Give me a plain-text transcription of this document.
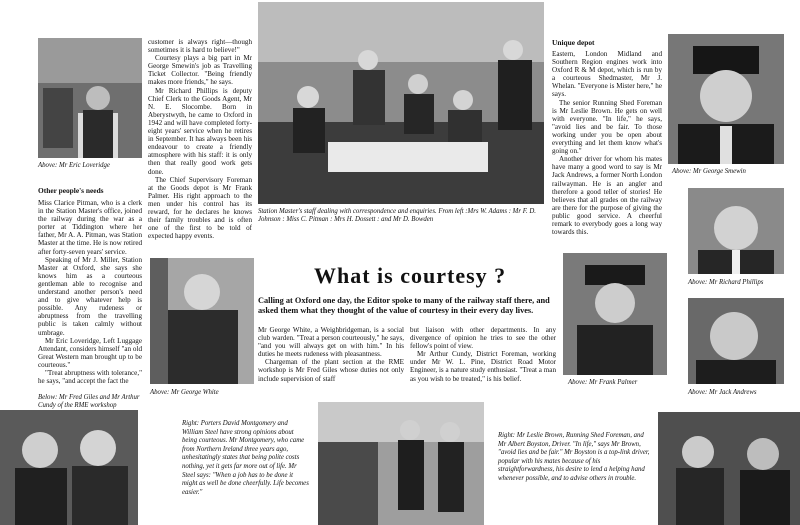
Above: Mr Eric Loveridge
Station Master's staff dealing with correspondence and enquiries. From left :Mrs W. Adams : Mr F. D. Johnson : Miss C. Pitman : Mrs H. Dossett : and Mr D. Bowden
Above: Mr George Smewin
Above: Mr Richard Phillips
Above: Mr George White
Above: Mr Frank Palmer
Above: Mr Jack Andrews
Below: Mr Fred Giles and Mr Arthur Cundy of the RME workshop
Right: Porters David Montgomery and William Steel have strong opinions about being courteous. Mr Montgomery, who came from Northern Ireland three years ago, unhesitatingly states that being polite costs nothing, yet it gets far more out of life. Mr Steel says: "When a job has to be done it might as well be done cheerfully. Life becomes easier."
Right: Mr Leslie Brown, Running Shed Foreman, and Mr Albert Boyston, Driver. "In life," says Mr Brown, "avoid lies and be fair." Mr Boyston is a top-link driver, popular with his mates because of his straightforwardness, his desire to lend a helping hand whenever possible, and to advise others in trouble.
Other people's needs
Unique depot
What is courtesy ?
Calling at Oxford one day, the Editor spoke to many of the railway staff there, and asked them what they thought of the value of courtesy in their every day lives.

customer is always right—though sometimes it is hard to believe!"

Courtesy plays a big part in Mr George Smewin's job as Travelling Ticket Collector. "Being friendly makes more friends," he says.

Mr Richard Phillips is deputy Chief Clerk to the Goods Agent, Mr N. E. Slocombe. Born in Aberystwyth, he came to Oxford in 1942 and will have completed forty-eight years' service when he retires in September. It has always been his endeavour to create a friendly atmosphere with his staff: it is only then that really good work gets done.

The Chief Supervisory Foreman at the Goods depot is Mr Frank Palmer. His right approach to the men under his control has its reward, for he declares he knows their family troubles and is often one of the first to be told of expected happy events.

Miss Clarice Pitman, who is a clerk in the Station Master's office, joined the railway during the war as a porter at Tiddington where her father, Mr A. A. Pitman, was Station Master at the time. He is now retired after forty-seven years' service.

Speaking of Mr J. Miller, Station Master at Oxford, she says she knows him as a courteous gentleman able to recognise and understand another person's need and to give whatever help is possible. Any rudeness or abruptness from the travelling public is taken calmly without umbrage.

Mr Eric Loveridge, Left Luggage Attendant, considers himself "an old Great Western man brought up to be courteous."

"Treat abruptness with tolerance," he says, "and accept the fact the

Mr George White, a Weighbridgeman, is a social club warden. "Treat a person courteously," he says, "and you will always get on with him." In his duties he meets rudeness with pleasantness.

Chargeman of the plant section at the RME workshop is Mr Fred Giles whose duties not only include supervision of staff

but liaison with other departments. In any divergence of opinion he tries to see the other fellow's point of view.

Mr Arthur Cundy, District Foreman, working under Mr W. L. Pine, District Road Motor Engineer, is a nature study enthusiast. "Treat a man as you wish to be treated," is his belief.

Eastern, London Midland and Southern Region engines work into Oxford R & M depot, which is run by a courteous Shedmaster, Mr J. Whelan. "Everyone is Mister here," he says.

The senior Running Shed Foreman is Mr Leslie Brown. He gets on well with everyone. "In life," he says, "avoid lies and be fair. To those working under you be open about everything and let them know what's going on."

Another driver for whom his mates have many a good word to say is Mr Jack Andrews, a former North London railwayman. He is an angler and therefore a good teller of stories! He believes that all grades on the railway are there for the purpose of giving the public good service. A cheerful remark to everybody goes a long way towards this.
